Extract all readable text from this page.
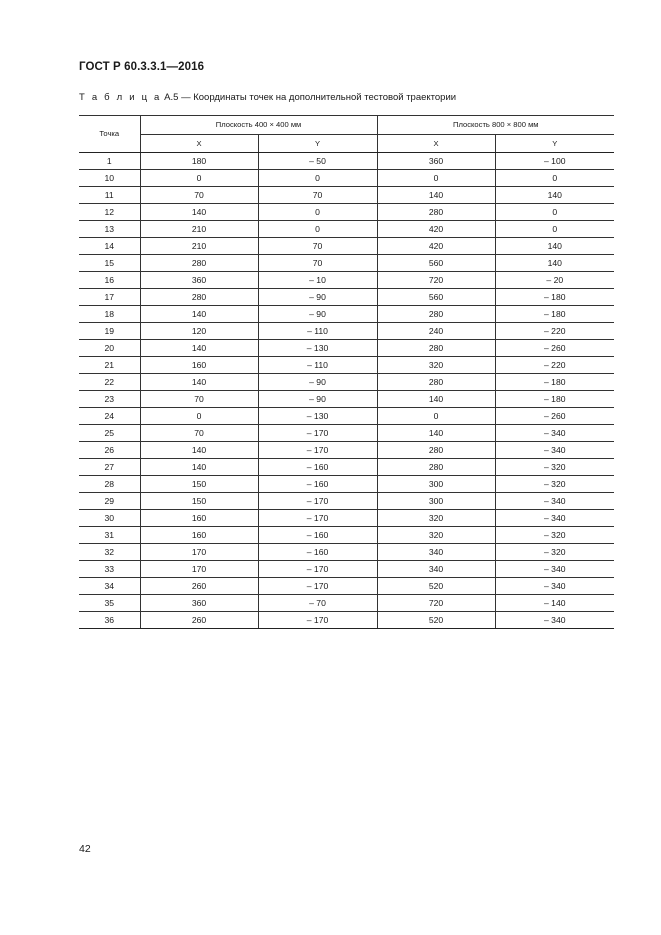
ГОСТ Р 60.3.3.1—2016
Т а б л и ц а А.5 — Координаты точек на дополнительной тестовой траектории
Точка	Плоскость 400 × 400 мм		Плоскость 800 × 800 мм	
	X	Y	X	Y
1	180	– 50	360	– 100
10	0	0	0	0
11	70	70	140	140
12	140	0	280	0
13	210	0	420	0
14	210	70	420	140
15	280	70	560	140
16	360	– 10	720	– 20
17	280	– 90	560	– 180
18	140	– 90	280	– 180
19	120	– 110	240	– 220
20	140	– 130	280	– 260
21	160	– 110	320	– 220
22	140	– 90	280	– 180
23	70	– 90	140	– 180
24	0	– 130	0	– 260
25	70	– 170	140	– 340
26	140	– 170	280	– 340
27	140	– 160	280	– 320
28	150	– 160	300	– 320
29	150	– 170	300	– 340
30	160	– 170	320	– 340
31	160	– 160	320	– 320
32	170	– 160	340	– 320
33	170	– 170	340	– 340
34	260	– 170	520	– 340
35	360	– 70	720	– 140
36	260	– 170	520	– 340
42
